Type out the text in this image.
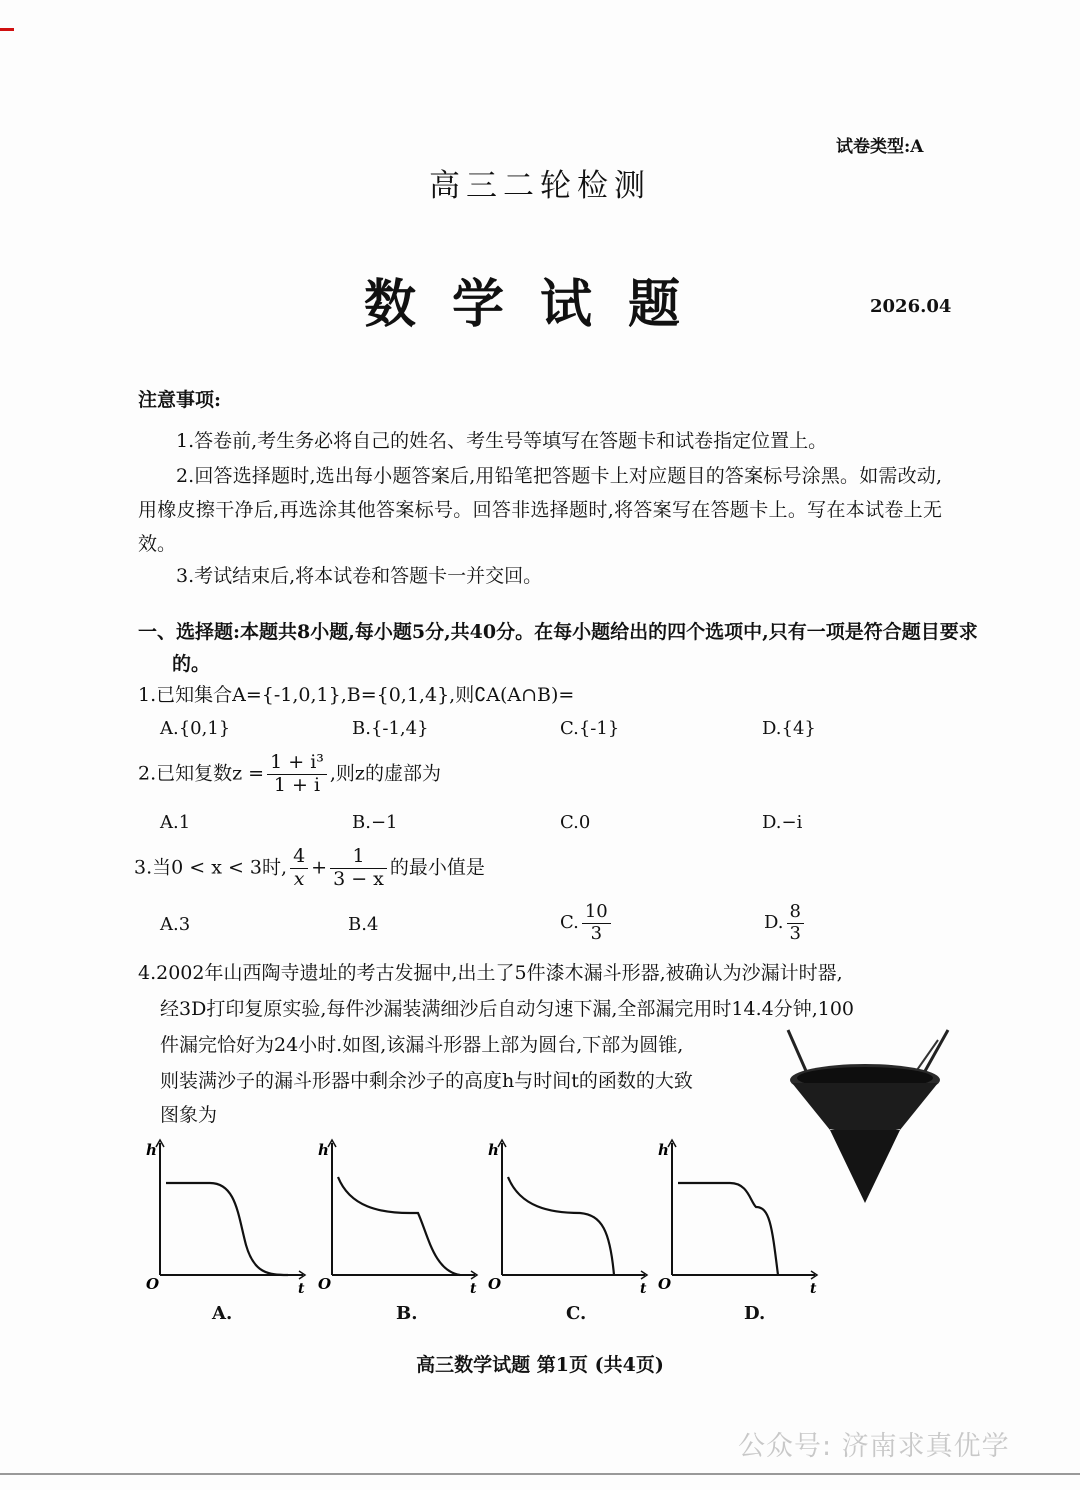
试卷类型:A
高三二轮检测
数学试题	2026.04
注意事项:
1.答卷前,考生务必将自己的姓名、考生号等填写在答题卡和试卷指定位置上。
2.回答选择题时,选出每小题答案后,用铅笔把答题卡上对应题目的答案标号涂黑。如需改动,用橡皮擦干净后,再选涂其他答案标号。回答非选择题时,将答案写在答题卡上。写在本试卷上无效。
3.考试结束后,将本试卷和答题卡一并交回。
一、选择题:本题共8小题,每小题5分,共40分。在每小题给出的四个选项中,只有一项是符合题目要求的。
1.已知集合A={-1,0,1},B={0,1,4},则∁A(A∩B)=
A.{0,1}	B.{-1,4}	C.{-1}	D.{4}
2.已知复数$z = \frac{\text{1 + i³}}{1 + i}$ ,则z的虚部为
A.1	B.−1	C.0	D.−i
3.当0 < x < 3时, $\frac{4}{x} + \frac{1}{3 - x}$ 的最小值是
A.3	B.4	C. $\frac{10}{3}$	D. $\frac{8}{3}$
4.2002年山西陶寺遗址的考古发掘中,出土了5件漆木漏斗形器,被确认为沙漏计时器,
经3D打印复原实验,每件沙漏装满细沙后自动匀速下漏,全部漏完用时14.4分钟,100
件漏完恰好为24小时.如图,该漏斗形器上部为圆台,下部为圆锥,
则装满沙子的漏斗形器中剩余沙子的高度h与时间t的函数的大致
图象为
h
O	t
h
O	t
h
O	t
h
O	t
A.	B.	C.	D.
高三数学试题 第1页 (共4页)
公众号: 济南求真优学
